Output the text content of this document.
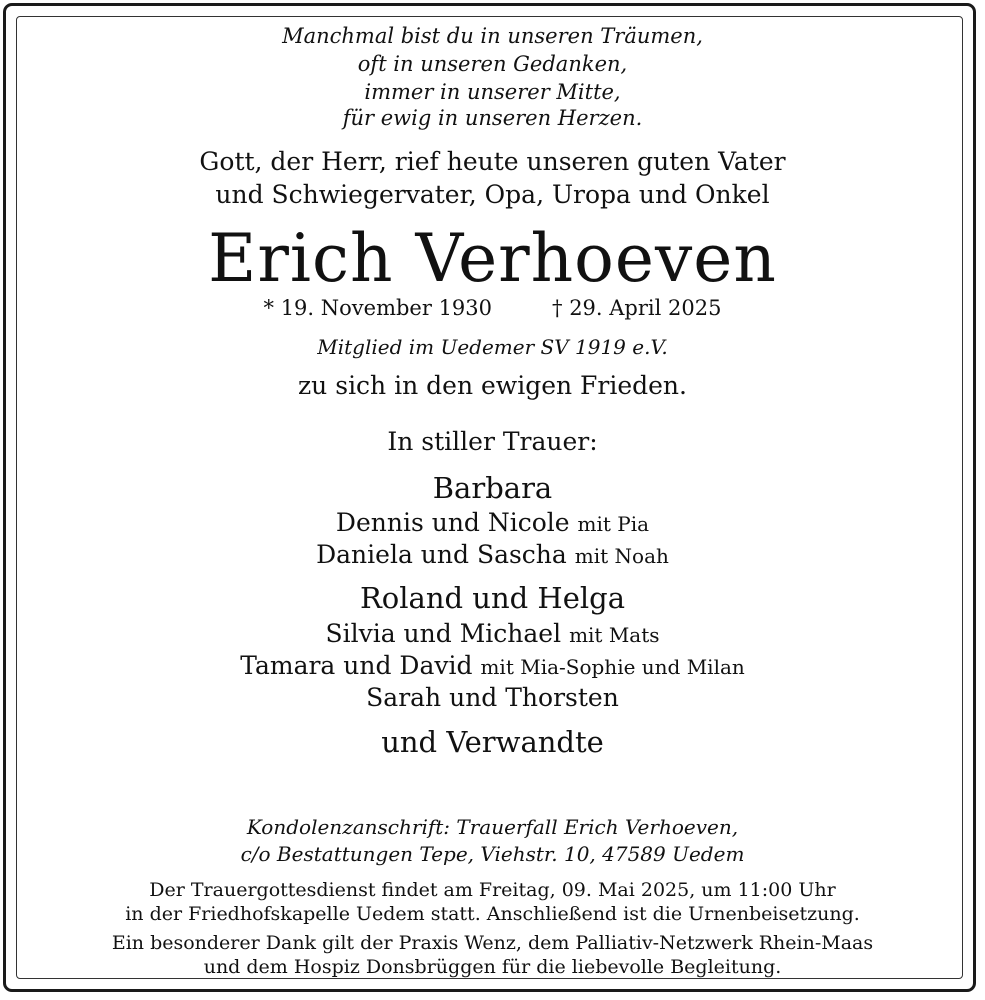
Manchmal bist du in unseren Träumen,
oft in unseren Gedanken,
immer in unserer Mitte,
für ewig in unseren Herzen.
Gott, der Herr, rief heute unseren guten Vater
und Schwiegervater, Opa, Uropa und Onkel
Erich Verhoeven
* 19. November 1930	† 29. April 2025
Mitglied im Uedemer SV 1919 e.V.
zu sich in den ewigen Frieden.
In stiller Trauer:
Barbara
Dennis und Nicole mit Pia
Daniela und Sascha mit Noah
Roland und Helga
Silvia und Michael mit Mats
Tamara und David mit Mia-Sophie und Milan
Sarah und Thorsten
und Verwandte
Kondolenzanschrift: Trauerfall Erich Verhoeven,
c/o Bestattungen Tepe, Viehstr. 10, 47589 Uedem
Der Trauergottesdienst findet am Freitag, 09. Mai 2025, um 11:00 Uhr
in der Friedhofskapelle Uedem statt. Anschließend ist die Urnenbeisetzung.
Ein besonderer Dank gilt der Praxis Wenz, dem Palliativ-Netzwerk Rhein-Maas
und dem Hospiz Donsbrüggen für die liebevolle Begleitung.
